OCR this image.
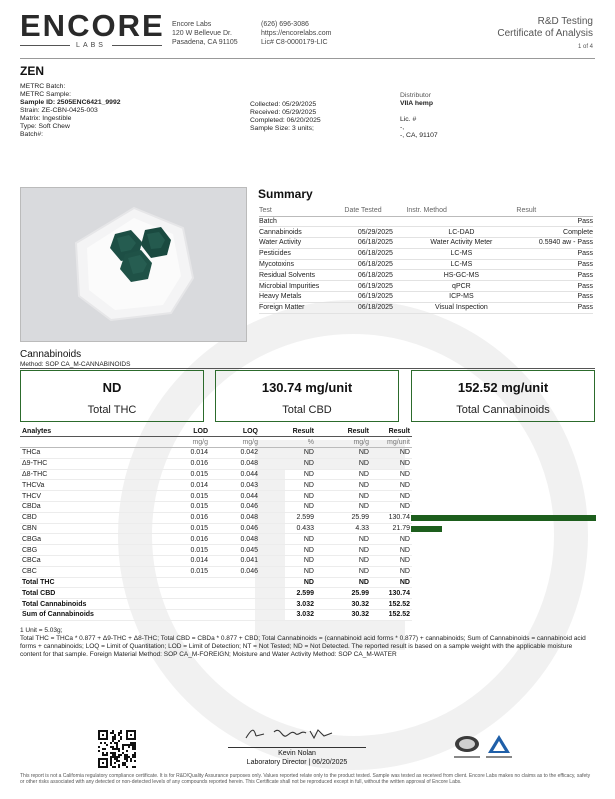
ENCORE
LABS
Encore Labs
120 W Bellevue Dr.
Pasadena, CA 91105
(626) 696-3086
https://encorelabs.com
Lic# C8-0000179-LIC
R&D Testing
Certificate of Analysis
1 of 4
ZEN
METRC Batch:
METRC Sample:
Sample ID: 2505ENC6421_9992
Strain: ZE-CBN-0425-003
Matrix: Ingestible
Type: Soft Chew
Batch#:
Collected: 05/29/2025
Received: 05/29/2025
Completed: 06/20/2025
Sample Size: 3 units;
Distributor
VIIA hemp

Lic. #
-,
-, CA, 91107
Summary
Test	Date Tested	Instr. Method	Result
Batch			Pass
Cannabinoids	05/29/2025	LC-DAD	Complete
Water Activity	06/18/2025	Water Activity Meter	0.5940 aw - Pass
Pesticides	06/18/2025	LC-MS	Pass
Mycotoxins	06/18/2025	LC-MS	Pass
Residual Solvents	06/18/2025	HS-GC-MS	Pass
Microbial Impurities	06/19/2025	qPCR	Pass
Heavy Metals	06/19/2025	ICP-MS	Pass
Foreign Matter	06/18/2025	Visual Inspection	Pass
Cannabinoids
Method: SOP CA_M-CANNABINOIDS
ND
Total THC
130.74 mg/unit
Total CBD
152.52 mg/unit
Total Cannabinoids
Analytes	LOD	LOQ	Result	Result	Result
	mg/g	mg/g	%	mg/g	mg/unit
THCa	0.014	0.042	ND	ND	ND
Δ9-THC	0.016	0.048	ND	ND	ND
Δ8-THC	0.015	0.044	ND	ND	ND
THCVa	0.014	0.043	ND	ND	ND
THCV	0.015	0.044	ND	ND	ND
CBDa	0.015	0.046	ND	ND	ND
CBD	0.016	0.048	2.599	25.99	130.74
CBN	0.015	0.046	0.433	4.33	21.79
CBGa	0.016	0.048	ND	ND	ND
CBG	0.015	0.045	ND	ND	ND
CBCa	0.014	0.041	ND	ND	ND
CBC	0.015	0.046	ND	ND	ND
Total THC			ND	ND	ND
Total CBD			2.599	25.99	130.74
Total Cannabinoids			3.032	30.32	152.52
Sum of Cannabinoids			3.032	30.32	152.52
1 Unit = 5.03g;
Total THC = THCa * 0.877 + Δ9-THC + Δ8-THC; Total CBD = CBDa * 0.877 + CBD; Total Cannabinoids = (cannabinoid acid forms * 0.877) + cannabinoids; Sum of Cannabinoids = cannabinoid acid forms + cannabinoids; LOQ = Limit of Quantitation; LOD = Limit of Detection; NT = Not Tested; ND = Not Detected. The reported result is based on a sample weight with the applicable moisture content for that sample. Foreign Material Method: SOP CA_M-FOREIGN; Moisture and Water Activity Method: SOP CA_M-WATER
Kevin Nolan
Laboratory Director | 06/20/2025
This report is not a California regulatory compliance certificate. It is for R&D/Quality Assurance purposes only. Values reported relate only to the product tested. Sample was tested as received from client. Encore Labs makes no claims as to the efficacy, safety or other risks associated with any detected or non-detected levels of any compounds reported herein. This Certificate shall not be reproduced except in full, without the written approval of Encore Labs.
